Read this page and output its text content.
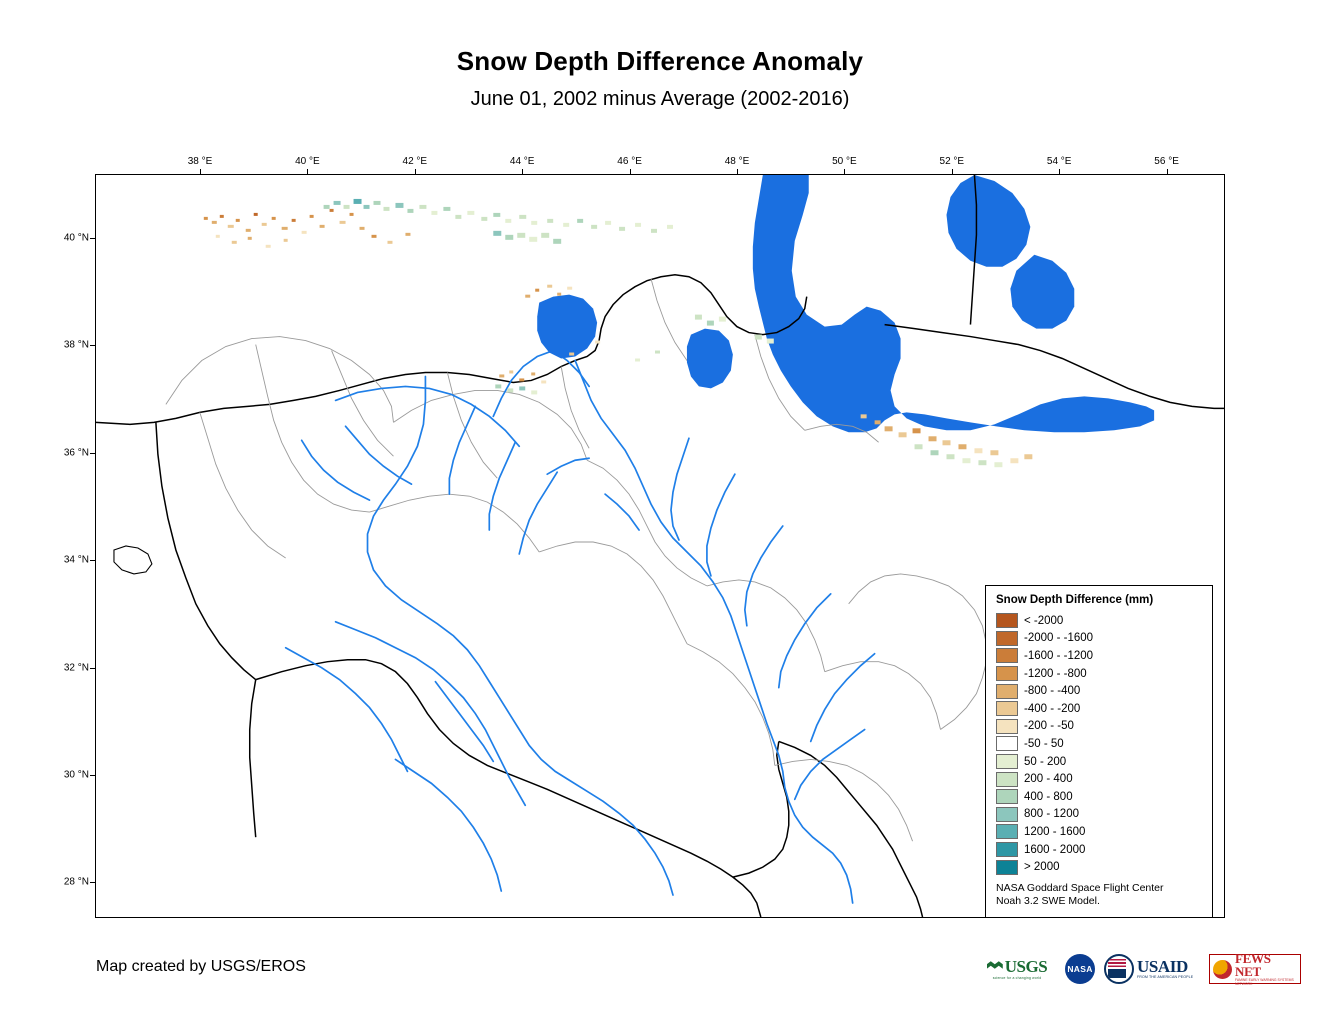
Snow Depth Difference Anomaly
June 01, 2002 minus Average (2002-2016)
38 °E	40 °E	42 °E	44 °E	46 °E	48 °E	50 °E	52 °E	54 °E	56 °E
40 °N
38 °N
36 °N
34 °N
32 °N
30 °N
28 °N
Snow Depth Difference (mm)
< -2000
-2000 - -1600
-1600 - -1200
-1200 - -800
-800 - -400
-400 - -200
-200 - -50
-50 - 50
50 - 200
200 - 400
400 - 800
800 - 1200
1200 - 1600
1600 - 2000
> 2000
NASA Goddard Space Flight Center
Noah 3.2 SWE Model.
Map created by USGS/EROS	USGS
science for a changing world
NASA	USAID
FROM THE AMERICAN PEOPLE
FEWS NET
FAMINE EARLY WARNING SYSTEMS NETWORK
